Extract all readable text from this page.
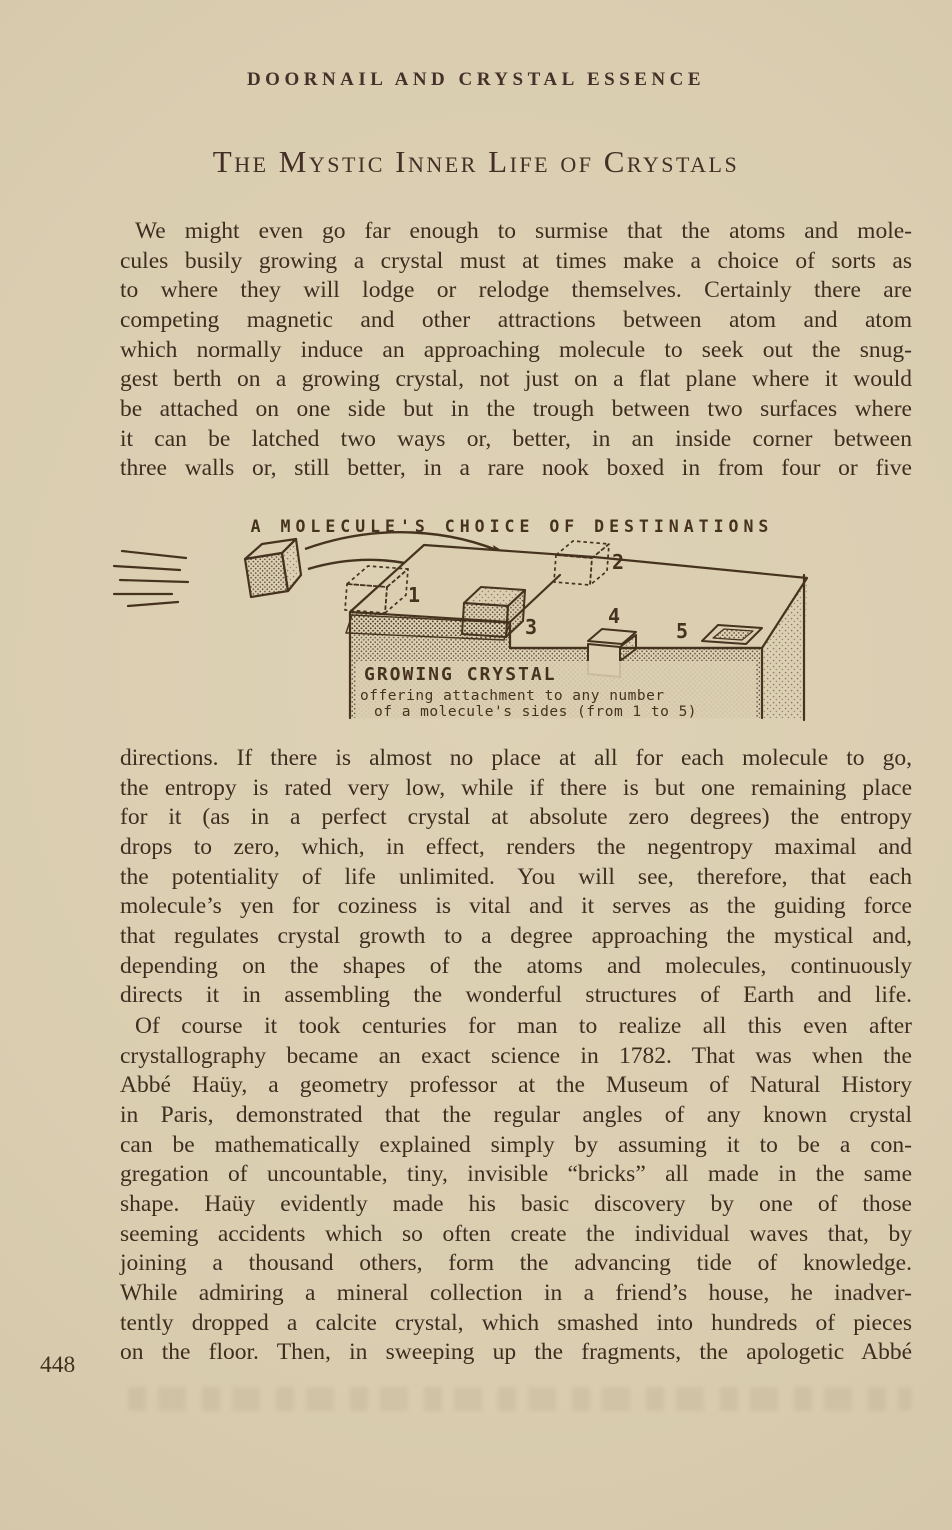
DOORNAIL AND CRYSTAL ESSENCE
The Mystic Inner Life of Crystals
We might even go far enough to surmise that the atoms and mole-
cules busily growing a crystal must at times make a choice of sorts as
to where they will lodge or relodge themselves. Certainly there are
competing magnetic and other attractions between atom and atom
which normally induce an approaching molecule to seek out the snug-
gest berth on a growing crystal, not just on a flat plane where it would
be attached on one side but in the trough between two surfaces where
it can be latched two ways or, better, in an inside corner between
three walls or, still better, in a rare nook boxed in from four or five
A MOLECULE'S CHOICE OF DESTINATIONS
1
2
3	4
5
GROWING CRYSTAL
offering attachment to any number
of a molecule's sides (from 1 to 5)
directions. If there is almost no place at all for each molecule to go,
the entropy is rated very low, while if there is but one remaining place
for it (as in a perfect crystal at absolute zero degrees) the entropy
drops to zero, which, in effect, renders the negentropy maximal and
the potentiality of life unlimited. You will see, therefore, that each
molecule’s yen for coziness is vital and it serves as the guiding force
that regulates crystal growth to a degree approaching the mystical and,
depending on the shapes of the atoms and molecules, continuously
directs it in assembling the wonderful structures of Earth and life.
Of course it took centuries for man to realize all this even after
crystallography became an exact science in 1782. That was when the
Abbé Haüy, a geometry professor at the Museum of Natural History
in Paris, demonstrated that the regular angles of any known crystal
can be mathematically explained simply by assuming it to be a con-
gregation of uncountable, tiny, invisible “bricks” all made in the same
shape. Haüy evidently made his basic discovery by one of those
seeming accidents which so often create the individual waves that, by
joining a thousand others, form the advancing tide of knowledge.
While admiring a mineral collection in a friend’s house, he inadver-
tently dropped a calcite crystal, which smashed into hundreds of pieces
on the floor. Then, in sweeping up the fragments, the apologetic Abbé
448
